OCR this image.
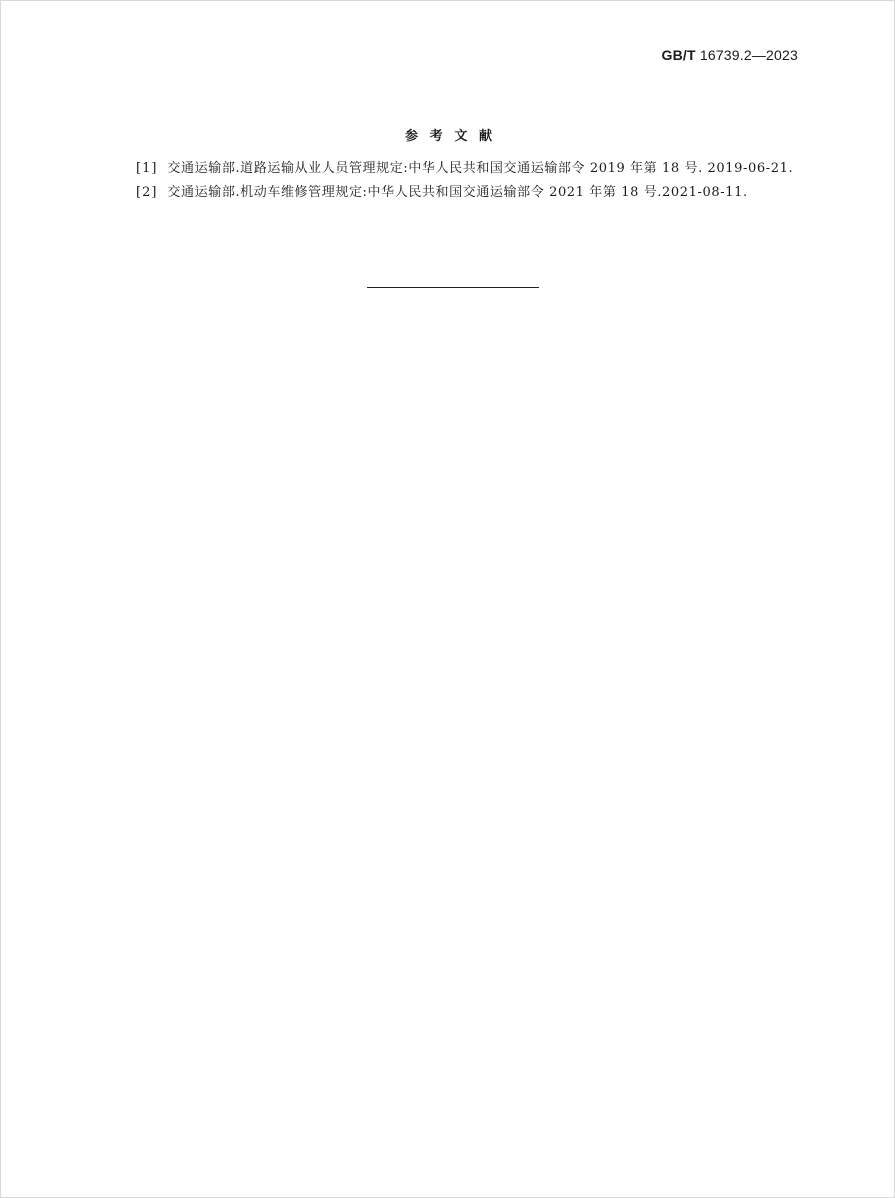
GB/T 16739.2—2023
参考文献
[1] 交通运输部.道路运输从业人员管理规定:中华人民共和国交通运输部令 2019 年第 18 号. 2019-06-21.
[2] 交通运输部.机动车维修管理规定:中华人民共和国交通运输部令 2021 年第 18 号.2021-08-11.
